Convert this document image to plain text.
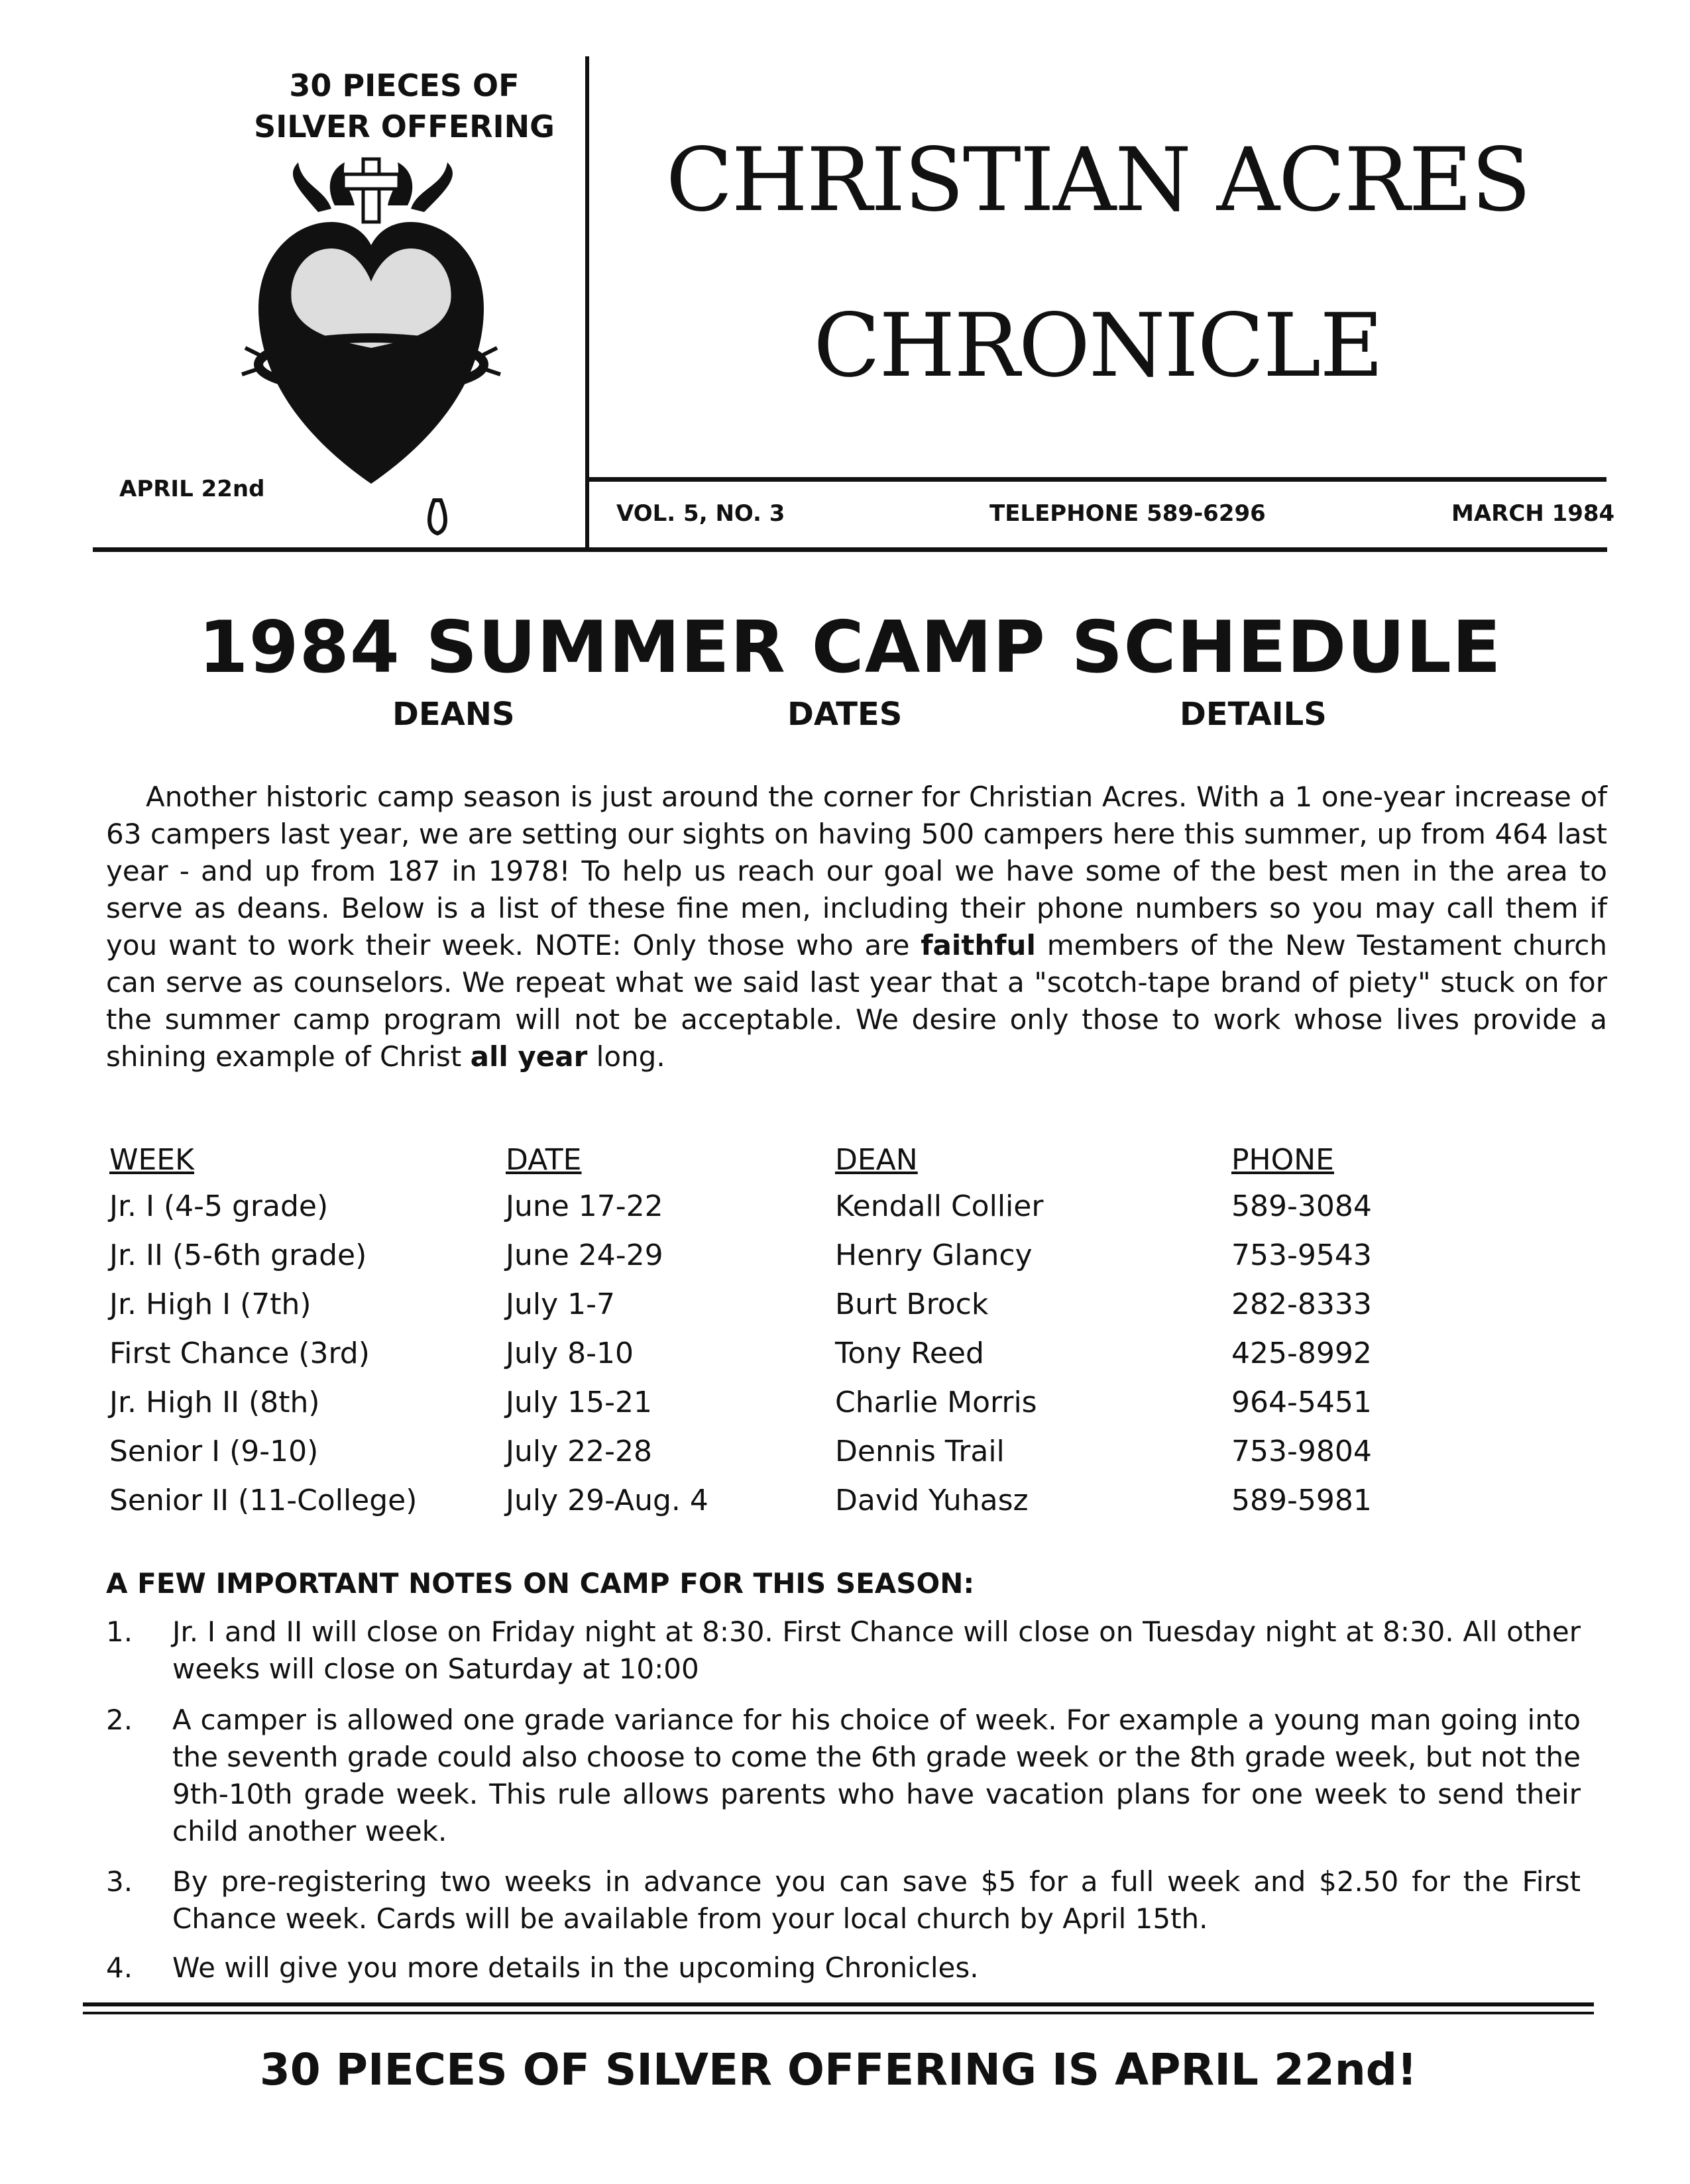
30 PIECES OF
SILVER OFFERING
APRIL 22nd
CHRISTIAN ACRES
CHRONICLE
VOL. 5, NO. 3	TELEPHONE 589-6296	MARCH 1984
1984 SUMMER CAMP SCHEDULE
DEANS	DATES	DETAILS

Another historic camp season is just around the corner for Christian Acres. With a 1 one-year increase of 63 campers last year, we are setting our sights on having 500 campers here this summer, up from 464 last year - and up from 187 in 1978! To help us reach our goal we have some of the best men in the area to serve as deans. Below is a list of these fine men, including their phone numbers so you may call them if you want to work their week. NOTE: Only those who are faithful members of the New Testament church can serve as counselors. We repeat what we said last year that a "scotch-tape brand of piety" stuck on for the summer camp program will not be acceptable. We desire only those to work whose lives provide a shining example of Christ all year long.

WEEK	DATE	DEAN	PHONE
Jr. I (4-5 grade)	June 17-22	Kendall Collier	589-3084
Jr. II (5-6th grade)	June 24-29	Henry Glancy	753-9543
Jr. High I (7th)	July 1-7	Burt Brock	282-8333
First Chance (3rd)	July 8-10	Tony Reed	425-8992
Jr. High II (8th)	July 15-21	Charlie Morris	964-5451
Senior I (9-10)	July 22-28	Dennis Trail	753-9804
Senior II (11-College)	July 29-Aug. 4	David Yuhasz	589-5981
A FEW IMPORTANT NOTES ON CAMP FOR THIS SEASON:
1. Jr. I and II will close on Friday night at 8:30. First Chance will close on Tuesday night at 8:30. All other weeks will close on Saturday at 10:00
2. A camper is allowed one grade variance for his choice of week. For example a young man going into the seventh grade could also choose to come the 6th grade week or the 8th grade week, but not the 9th-10th grade week. This rule allows parents who have vacation plans for one week to send their child another week.
3. By pre-registering two weeks in advance you can save $5 for a full week and $2.50 for the First Chance week. Cards will be available from your local church by April 15th.
4. We will give you more details in the upcoming Chronicles.
30 PIECES OF SILVER OFFERING IS APRIL 22nd!
